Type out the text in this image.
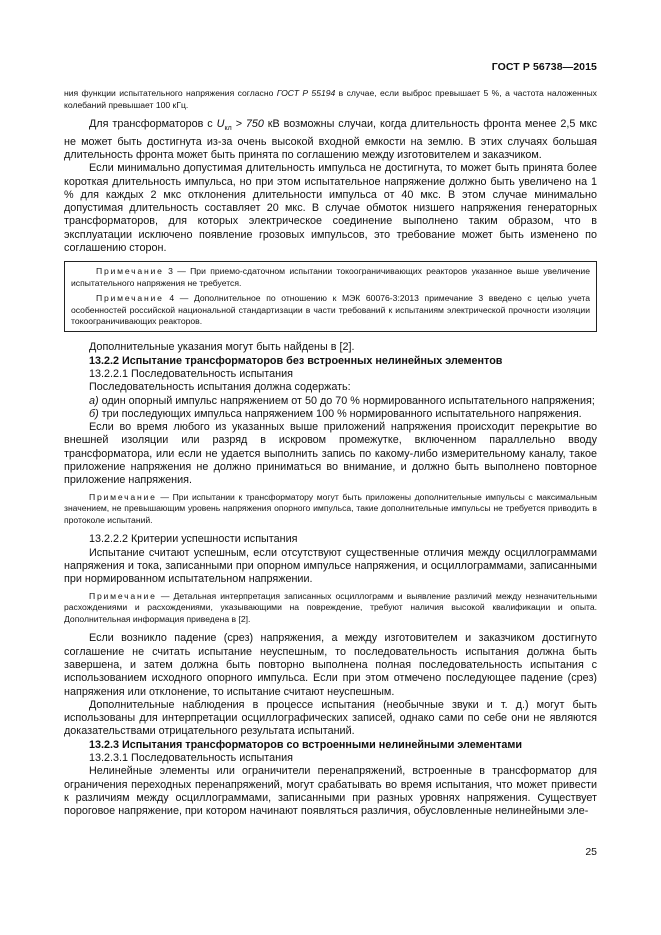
ГОСТ Р 56738—2015

ния функции испытательного напряжения согласно ГОСТ Р 55194 в случае, если выброс превышает 5 %, а частота наложенных колебаний превышает 100 кГц.

Для трансформаторов с $U_{кл} > 750$ кВ возможны случаи, когда длительность фронта менее 2,5 мкс не может быть достигнута из-за очень высокой входной емкости на землю. В этих случаях большая длительность фронта может быть принята по соглашению между изготовителем и заказчиком.

Если минимально допустимая длительность импульса не достигнута, то может быть принята более короткая длительность импульса, но при этом испытательное напряжение должно быть увеличено на 1 % для каждых 2 мкс отклонения длительности импульса от 40 мкс. В этом случае минимально допустимая длительность составляет 20 мкс. В случае обмоток низшего напряжения генераторных трансформаторов, для которых электрическое соединение выполнено таким образом, что в эксплуатации исключено появление грозовых импульсов, это требование может быть изменено по соглашению сторон.

Примечание 3 — При приемо-сдаточном испытании токоограничивающих реакторов указанное выше увеличение испытательного напряжения не требуется.

Примечание 4 — Дополнительное по отношению к МЭК 60076-3:2013 примечание 3 введено с целью учета особенностей российской национальной стандартизации в части требований к испытаниям электрической прочности изоляции токоограничивающих реакторов.

Дополнительные указания могут быть найдены в [2].

13.2.2 Испытание трансформаторов без встроенных нелинейных элементов

13.2.2.1 Последовательность испытания

Последовательность испытания должна содержать:

а) один опорный импульс напряжением от 50 до 70 % нормированного испытательного напряжения;

б) три последующих импульса напряжением 100 % нормированного испытательного напряжения.

Если во время любого из указанных выше приложений напряжения происходит перекрытие во внешней изоляции или разряд в искровом промежутке, включенном параллельно вводу трансформатора, или если не удается выполнить запись по какому-либо измерительному каналу, такое приложение напряжения не должно приниматься во внимание, и должно быть выполнено повторное приложение напряжения.

Примечание — При испытании к трансформатору могут быть приложены дополнительные импульсы с максимальным значением, не превышающим уровень напряжения опорного импульса, такие дополнительные импульсы не требуется приводить в протоколе испытаний.

13.2.2.2 Критерии успешности испытания

Испытание считают успешным, если отсутствуют существенные отличия между осциллограммами напряжения и тока, записанными при опорном импульсе напряжения, и осциллограммами, записанными при нормированном испытательном напряжении.

Примечание — Детальная интерпретация записанных осциллограмм и выявление различий между незначительными расхождениями и расхождениями, указывающими на повреждение, требуют наличия высокой квалификации и опыта. Дополнительная информация приведена в [2].

Если возникло падение (срез) напряжения, а между изготовителем и заказчиком достигнуто соглашение не считать испытание неуспешным, то последовательность испытания должна быть завершена, и затем должна быть повторно выполнена полная последовательность испытания с использованием исходного опорного импульса. Если при этом отмечено последующее падение (срез) напряжения или отклонение, то испытание считают неуспешным.

Дополнительные наблюдения в процессе испытания (необычные звуки и т. д.) могут быть использованы для интерпретации осциллографических записей, однако сами по себе они не являются доказательствами отрицательного результата испытаний.

13.2.3 Испытания трансформаторов со встроенными нелинейными элементами

13.2.3.1 Последовательность испытания

Нелинейные элементы или ограничители перенапряжений, встроенные в трансформатор для ограничения переходных перенапряжений, могут срабатывать во время испытания, что может привести к различиям между осциллограммами, записанными при разных уровнях напряжения. Существует пороговое напряжение, при котором начинают появляться различия, обусловленные нелинейными эле-

25
